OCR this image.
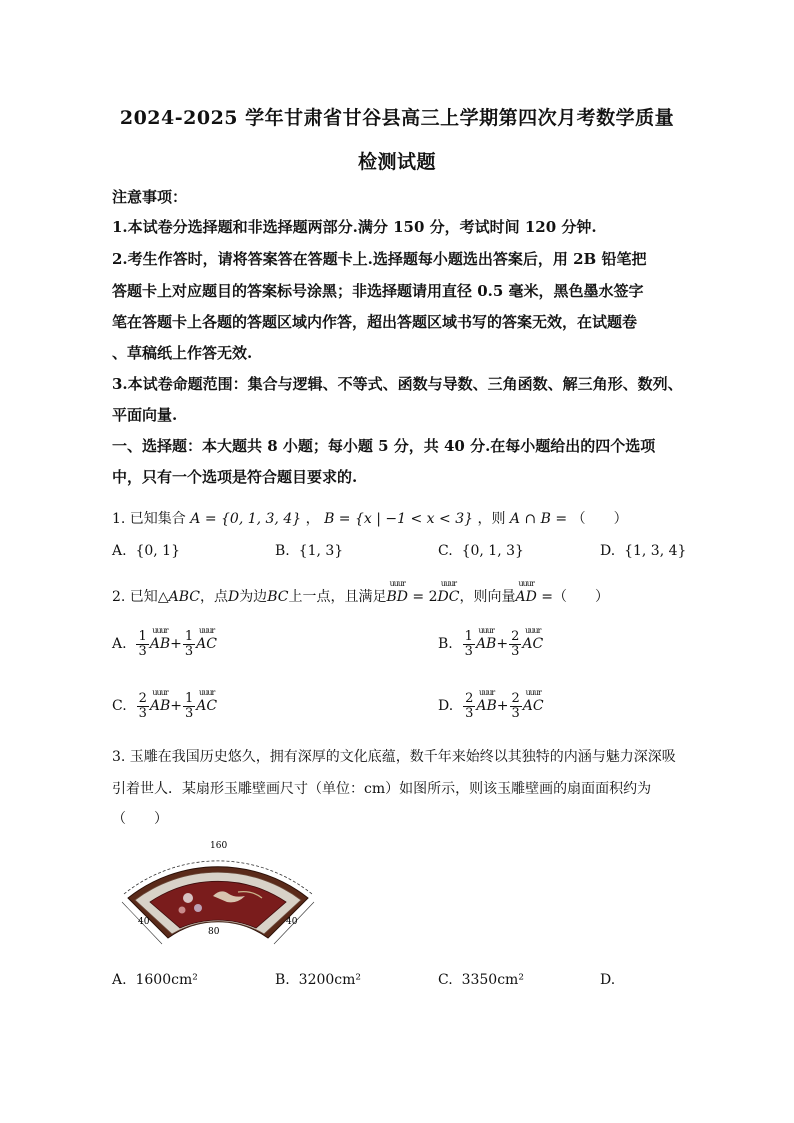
2024-2025 学年甘肃省甘谷县高三上学期第四次月考数学质量
检测试题
注意事项：
1.本试卷分选择题和非选择题两部分.满分 150 分，考试时间 120 分钟.
2.考生作答时，请将答案答在答题卡上.选择题每小题选出答案后，用 2B 铅笔把
答题卡上对应题目的答案标号涂黑；非选择题请用直径 0.5 毫米，黑色墨水签字
笔在答题卡上各题的答题区域内作答，超出答题区域书写的答案无效，在试题卷
、草稿纸上作答无效.
3.本试卷命题范围：集合与逻辑、不等式、函数与导数、三角函数、解三角形、数列、
平面向量.
一、选择题：本大题共 8 小题；每小题 5 分，共 40 分.在每小题给出的四个选项
中，只有一个选项是符合题目要求的.
1. 已知集合 A = {0, 1, 3, 4} ， B = {x | −1 < x < 3} ，则 A ∩ B = （　　）
A. {0, 1}	B. {1, 3}	C. {0, 1, 3}	D. {1, 3, 4}
2. 已知△ABC，点D为边BC上一点，且满足
uuur
BD = 2
uuur
DC，则向量
uuur
AD =（　　）
A. $\frac{1}{3}$ uuur
$AB+ \frac{1}{3}$ uuur
AC	B. $\frac{1}{3}$ uuur
$AB+ \frac{2}{3}$ uuur
AC
C. $\frac{2}{3}$ uuur
$AB+ \frac{1}{3}$ uuur
AC	D. $\frac{2}{3}$ uuur
$AB+ \frac{2}{3}$ uuur
AC
3. 玉雕在我国历史悠久，拥有深厚的文化底蕴，数千年来始终以其独特的内涵与魅力深深吸
引着世人．某扇形玉雕壁画尺寸（单位：cm）如图所示，则该玉雕壁画的扇面面积约为
（　　）
160
80
40	40
A. 1600cm²	B. 3200cm²	C. 3350cm²	D.
